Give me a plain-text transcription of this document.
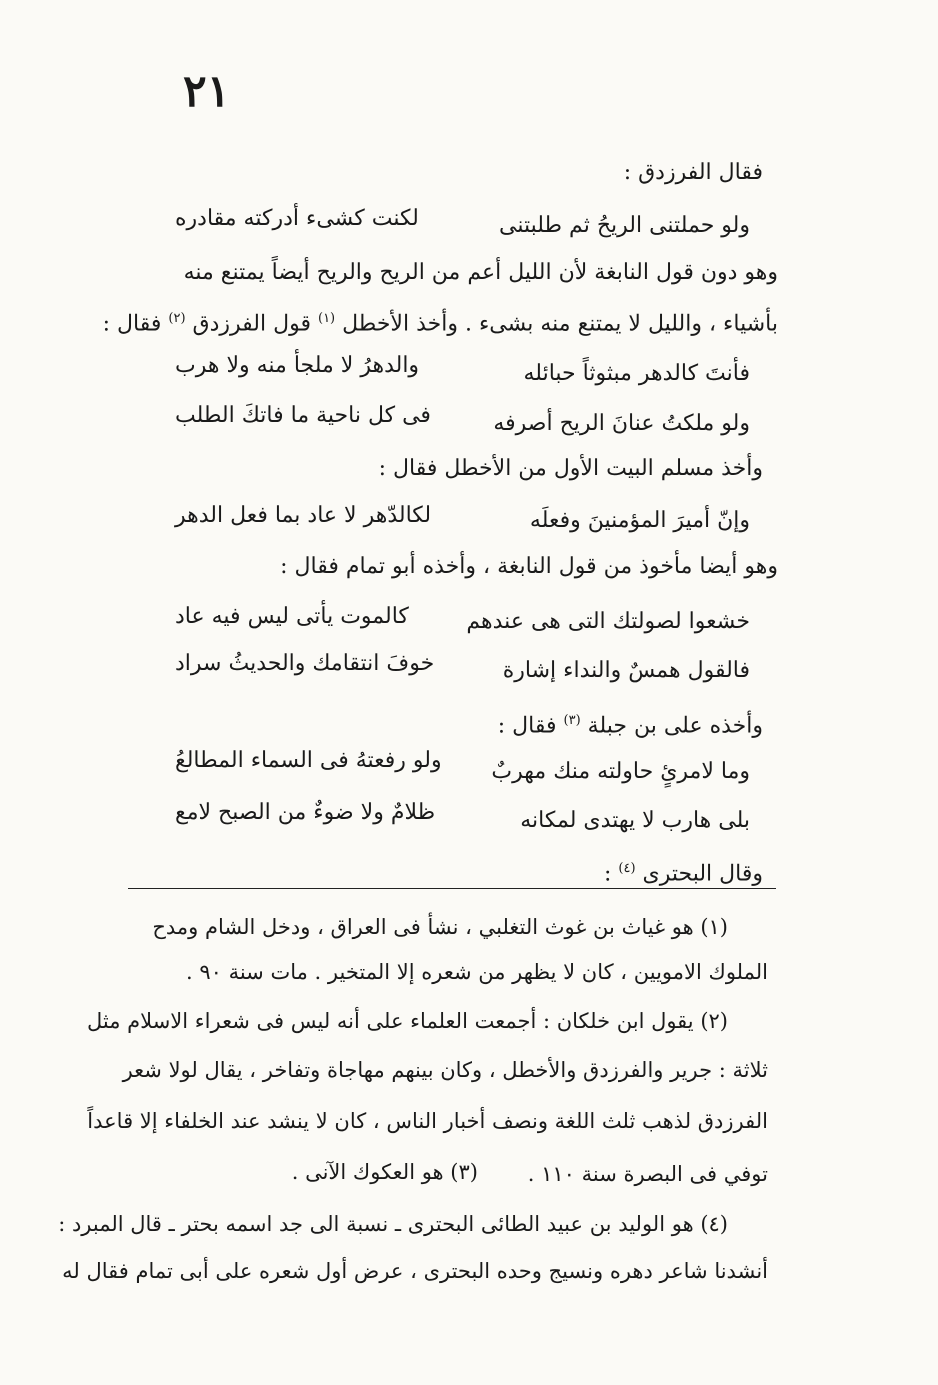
٢١
فقال الفرزدق :
ولو حملتنى الريحُ ثم طلبتنى
لكنت كشىء أدركته مقادره
وهو دون قول النابغة لأن الليل أعم من الريح والريح أيضاً يمتنع منه
بأشياء ، والليل لا يمتنع منه بشىء . وأخذ الأخطل $^{(١)}$ قول الفرزدق $^{(٢)}$ فقال :
فأنتَ كالدهر مبثوثاً حبائله
والدهرُ لا ملجأ منه ولا هرب
ولو ملكتُ عنانَ الريح أصرفه
فى كل ناحية ما فاتكَ الطلب
وأخذ مسلم البيت الأول من الأخطل فقال :
وإنّ أميرَ المؤمنينَ وفعلَه
لكالدّهر لا عاد بما فعل الدهر
وهو أيضا مأخوذ من قول النابغة ، وأخذه أبو تمام فقال :
خشعوا لصولتك التى هى عندهم
كالموت يأتى ليس فيه عاد
فالقول همسٌ والنداء إشارة
خوفَ انتقامك والحديثُ سراد
وأخذه على بن جبلة $^{(٣)}$ فقال :
وما لامرئٍ حاولته منك مهربٌ
ولو رفعتهُ فى السماء المطالعُ
بلى هارب لا يهتدى لمكانه
ظلامٌ ولا ضوءٌ من الصبح لامع
وقال البحترى $^{(٤)}$ :
(١) هو غياث بن غوث التغلبي ، نشأ فى العراق ، ودخل الشام ومدح
الملوك الامويين ، كان لا يظهر من شعره إلا المتخير . مات سنة ٩٠ .
(٢) يقول ابن خلكان : أجمعت العلماء على أنه ليس فى شعراء الاسلام مثل
ثلاثة : جرير والفرزدق والأخطل ، وكان بينهم مهاجاة وتفاخر ، يقال لولا شعر
الفرزدق لذهب ثلث اللغة ونصف أخبار الناس ، كان لا ينشد عند الخلفاء إلا قاعداً
توفي فى البصرة سنة ١١٠ .
(٣) هو العكوك الآنى .
(٤) هو الوليد بن عبيد الطائى البحترى ـ نسبة الى جد اسمه بحتر ـ قال المبرد :
أنشدنا شاعر دهره ونسيج وحده البحترى ، عرض أول شعره على أبى تمام فقال له
